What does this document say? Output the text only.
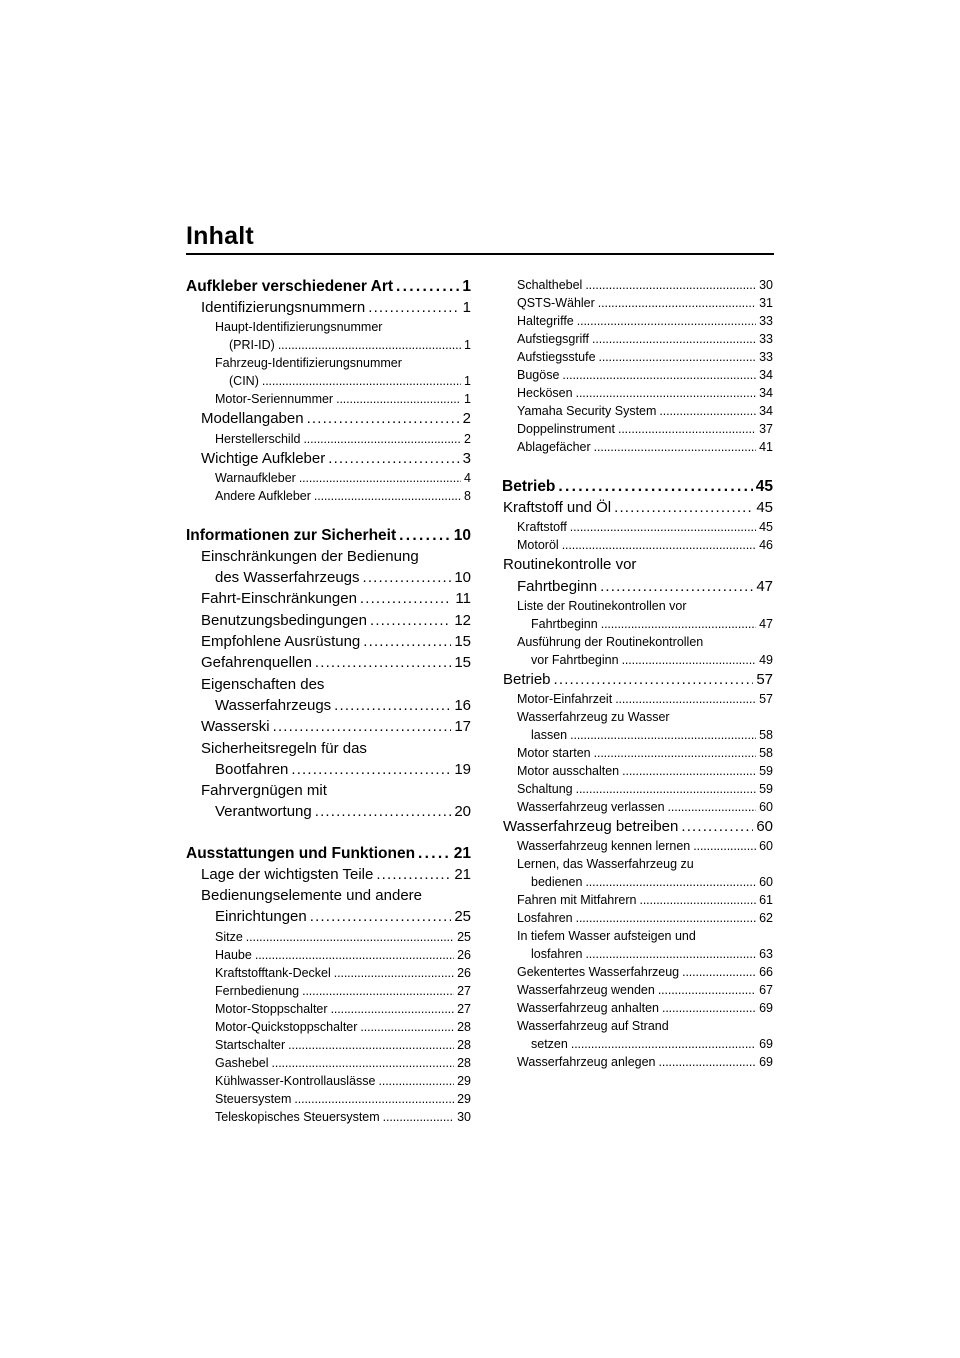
Inhalt
Aufkleber verschiedener Art . . .	1
Identifizierungsnummern . . .	1
Haupt-Identifizierungsnummer
(PRI-ID) . . .	1
Fahrzeug-Identifizierungsnummer
(CIN) . . .	1
Motor-Seriennummer . . .	1
Modellangaben . . .	2
Herstellerschild . . .	2
Wichtige Aufkleber . . .	3
Warnaufkleber . . .	4
Andere Aufkleber . . .	8
Informationen zur Sicherheit . . .	10
Einschränkungen der Bedienung
des Wasserfahrzeugs . . .	10
Fahrt-Einschränkungen . . .	11
Benutzungsbedingungen . . .	12
Empfohlene Ausrüstung . . .	15
Gefahrenquellen . . .	15
Eigenschaften des
Wasserfahrzeugs . . .	16
Wasserski . . .	17
Sicherheitsregeln für das
Bootfahren . . .	19
Fahrvergnügen mit
Verantwortung . . .	20
Ausstattungen und Funktionen . . . 21
Lage der wichtigsten Teile . . .	21
Bedienungselemente und andere
Einrichtungen . . .	25
Sitze . . .	25
Haube . . .	26
Kraftstofftank-Deckel . . .	26
Fernbedienung . . .	27
Motor-Stoppschalter . . .	27
Motor-Quickstoppschalter . . .	28
Startschalter . . .	28
Gashebel . . .	28
Kühlwasser-Kontrollauslässe . . .	29
Steuersystem . . .	29
Teleskopisches Steuersystem . . .	30
Schalthebel . . .	30
QSTS-Wähler . . .	31
Haltegriffe . . .	33
Aufstiegsgriff . . .	33
Aufstiegsstufe . . .	33
Bugöse . . .	34
Heckösen . . .	34
Yamaha Security System . . .	34
Doppelinstrument . . .	37
Ablagefächer . . .	41
Betrieb . . .	45
Kraftstoff und Öl . . .	45
Kraftstoff . . .	45
Motoröl . . .	46
Routinekontrolle vor
Fahrtbeginn . . .	47
Liste der Routinekontrollen vor
Fahrtbeginn . . .	47
Ausführung der Routinekontrollen
vor Fahrtbeginn . . .	49
Betrieb . . .	57
Motor-Einfahrzeit . . .	57
Wasserfahrzeug zu Wasser
lassen . . .	58
Motor starten . . .	58
Motor ausschalten . . .	59
Schaltung . . .	59
Wasserfahrzeug verlassen . . .	60
Wasserfahrzeug betreiben . . .	60
Wasserfahrzeug kennen lernen . . .	60
Lernen, das Wasserfahrzeug zu
bedienen . . .	60
Fahren mit Mitfahrern . . .	61
Losfahren . . .	62
In tiefem Wasser aufsteigen und
losfahren . . .	63
Gekentertes Wasserfahrzeug . . .	66
Wasserfahrzeug wenden . . .	67
Wasserfahrzeug anhalten . . .	69
Wasserfahrzeug auf Strand
setzen . . .	69
Wasserfahrzeug anlegen . . .	69
